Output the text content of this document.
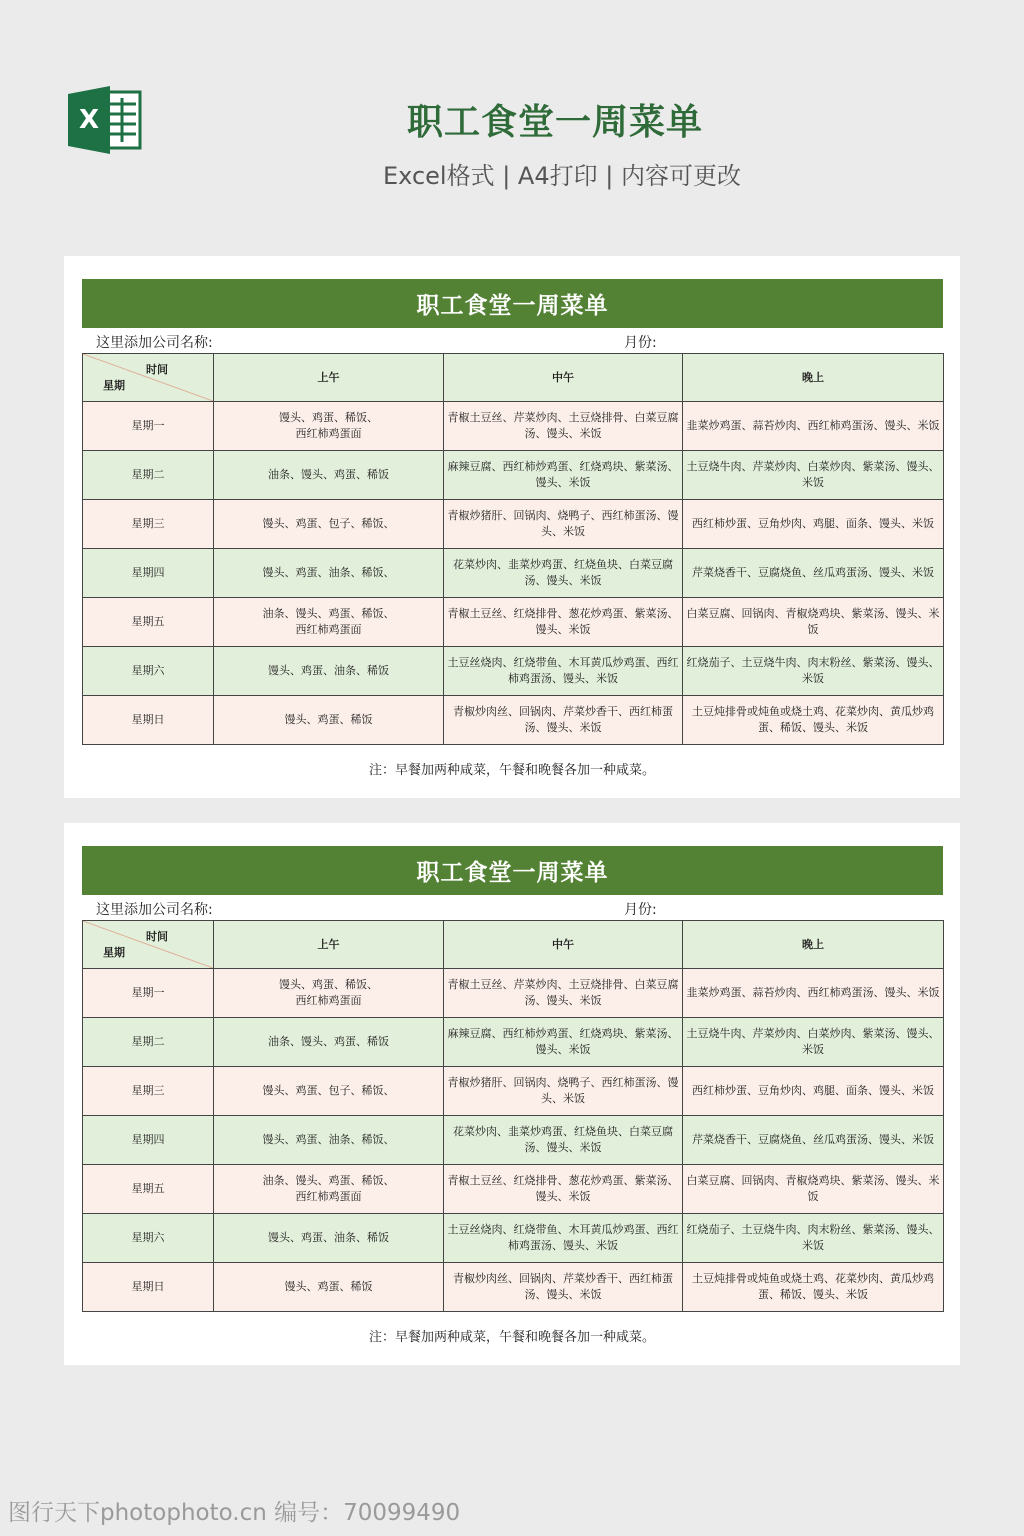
X	职工食堂一周菜单
Excel格式 | A4打印 | 内容可更改
职工食堂一周菜单
这里添加公司名称:	月份:
时间
星期	上午	中午	晚上
星期一	馒头、鸡蛋、稀饭、
西红柿鸡蛋面	青椒土豆丝、芹菜炒肉、土豆烧排骨、白菜豆腐汤、馒头、米饭	韭菜炒鸡蛋、蒜苔炒肉、西红柿鸡蛋汤、馒头、米饭
星期二	油条、馒头、鸡蛋、稀饭	麻辣豆腐、西红柿炒鸡蛋、红烧鸡块、紫菜汤、馒头、米饭	土豆烧牛肉、芹菜炒肉、白菜炒肉、紫菜汤、馒头、米饭
星期三	馒头、鸡蛋、包子、稀饭、	青椒炒猪肝、回锅肉、烧鸭子、西红柿蛋汤、馒头、米饭	西红柿炒蛋、豆角炒肉、鸡腿、面条、馒头、米饭
星期四	馒头、鸡蛋、油条、稀饭、	花菜炒肉、韭菜炒鸡蛋、红烧鱼块、白菜豆腐汤、馒头、米饭	芹菜烧香干、豆腐烧鱼、丝瓜鸡蛋汤、馒头、米饭
星期五	油条、馒头、鸡蛋、稀饭、
西红柿鸡蛋面	青椒土豆丝、红烧排骨、葱花炒鸡蛋、紫菜汤、馒头、米饭	白菜豆腐、回锅肉、青椒烧鸡块、紫菜汤、馒头、米饭
星期六	馒头、鸡蛋、油条、稀饭	土豆丝烧肉、红烧带鱼、木耳黄瓜炒鸡蛋、西红柿鸡蛋汤、馒头、米饭	红烧茄子、土豆烧牛肉、肉末粉丝、紫菜汤、馒头、米饭
星期日	馒头、鸡蛋、稀饭	青椒炒肉丝、回锅肉、芹菜炒香干、西红柿蛋汤、馒头、米饭	土豆炖排骨或炖鱼或烧土鸡、花菜炒肉、黄瓜炒鸡蛋、稀饭、馒头、米饭
注：早餐加两种咸菜，午餐和晚餐各加一种咸菜。
职工食堂一周菜单
这里添加公司名称:	月份:
时间
星期	上午	中午	晚上
星期一	馒头、鸡蛋、稀饭、
西红柿鸡蛋面	青椒土豆丝、芹菜炒肉、土豆烧排骨、白菜豆腐汤、馒头、米饭	韭菜炒鸡蛋、蒜苔炒肉、西红柿鸡蛋汤、馒头、米饭
星期二	油条、馒头、鸡蛋、稀饭	麻辣豆腐、西红柿炒鸡蛋、红烧鸡块、紫菜汤、馒头、米饭	土豆烧牛肉、芹菜炒肉、白菜炒肉、紫菜汤、馒头、米饭
星期三	馒头、鸡蛋、包子、稀饭、	青椒炒猪肝、回锅肉、烧鸭子、西红柿蛋汤、馒头、米饭	西红柿炒蛋、豆角炒肉、鸡腿、面条、馒头、米饭
星期四	馒头、鸡蛋、油条、稀饭、	花菜炒肉、韭菜炒鸡蛋、红烧鱼块、白菜豆腐汤、馒头、米饭	芹菜烧香干、豆腐烧鱼、丝瓜鸡蛋汤、馒头、米饭
星期五	油条、馒头、鸡蛋、稀饭、
西红柿鸡蛋面	青椒土豆丝、红烧排骨、葱花炒鸡蛋、紫菜汤、馒头、米饭	白菜豆腐、回锅肉、青椒烧鸡块、紫菜汤、馒头、米饭
星期六	馒头、鸡蛋、油条、稀饭	土豆丝烧肉、红烧带鱼、木耳黄瓜炒鸡蛋、西红柿鸡蛋汤、馒头、米饭	红烧茄子、土豆烧牛肉、肉末粉丝、紫菜汤、馒头、米饭
星期日	馒头、鸡蛋、稀饭	青椒炒肉丝、回锅肉、芹菜炒香干、西红柿蛋汤、馒头、米饭	土豆炖排骨或炖鱼或烧土鸡、花菜炒肉、黄瓜炒鸡蛋、稀饭、馒头、米饭
注：早餐加两种咸菜，午餐和晚餐各加一种咸菜。
图行天下photophoto.cn 编号：70099490
